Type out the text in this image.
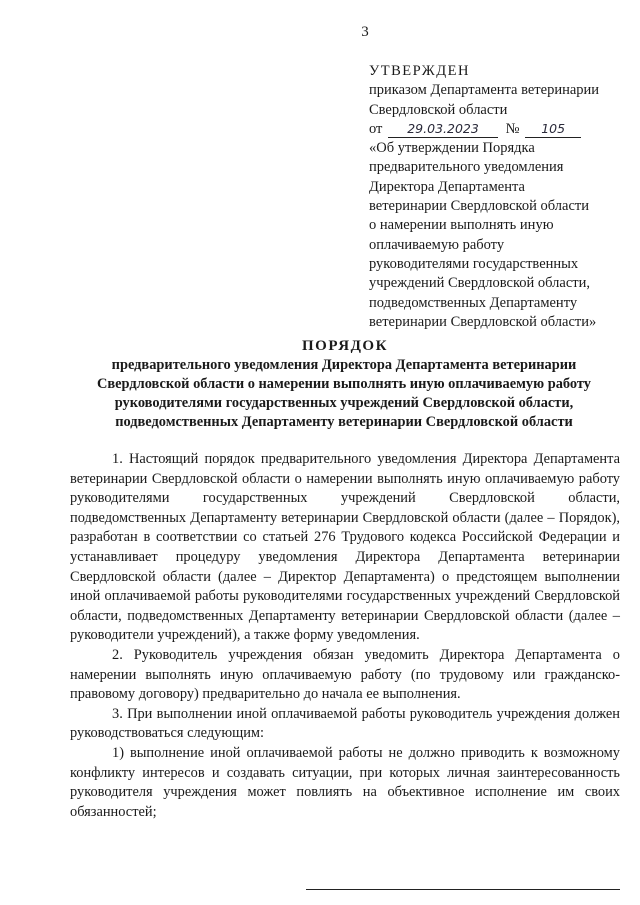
3
УТВЕРЖДЕН
приказом Департамента ветеринарии
Свердловской области
от 29.03.2023 № 105
«Об утверждении Порядка
предварительного уведомления
Директора Департамента
ветеринарии Свердловской области
о намерении выполнять иную
оплачиваемую работу
руководителями государственных
учреждений Свердловской области,
подведомственных Департаменту
ветеринарии Свердловской области»
ПОРЯДОК
предварительного уведомления Директора Департамента ветеринарии Свердловской области о намерении выполнять иную оплачиваемую работу руководителями государственных учреждений Свердловской области, подведомственных Департаменту ветеринарии Свердловской области

1. Настоящий порядок предварительного уведомления Директора Департамента ветеринарии Свердловской области о намерении выполнять иную оплачиваемую работу руководителями государственных учреждений Свердловской области, подведомственных Департаменту ветеринарии Свердловской области (далее – Порядок), разработан в соответствии со статьей 276 Трудового кодекса Российской Федерации и устанавливает процедуру уведомления Директора Департамента ветеринарии Свердловской области (далее – Директор Департамента) о предстоящем выполнении иной оплачиваемой работы руководителями государственных учреждений Свердловской области, подведомственных Департаменту ветеринарии Свердловской области (далее – руководители учреждений), а также форму уведомления.

2. Руководитель учреждения обязан уведомить Директора Департамента о намерении выполнять иную оплачиваемую работу (по трудовому или гражданско-правовому договору) предварительно до начала ее выполнения.

3. При выполнении иной оплачиваемой работы руководитель учреждения должен руководствоваться следующим:

1) выполнение иной оплачиваемой работы не должно приводить к возможному конфликту интересов и создавать ситуации, при которых личная заинтересованность руководителя учреждения может повлиять на объективное исполнение им своих обязанностей;
